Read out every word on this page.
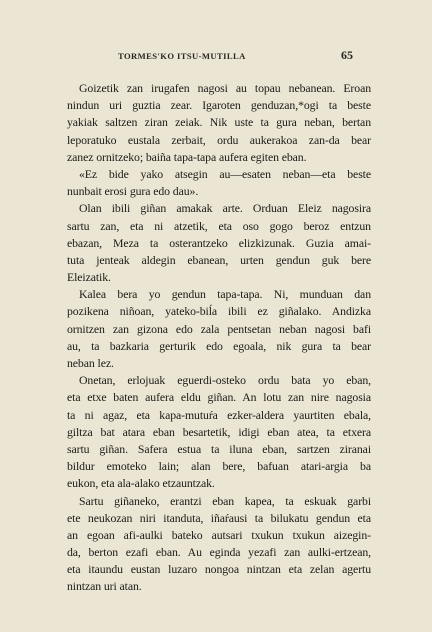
TORMES'KO ITSU-MUTILLA	65
Goizetik zan irugafen nagosi au topau nebanean. Eroan
nindun uri guztia zear. Igaroten genduzan,*ogi ta beste
yakiak saltzen ziran zeiak. Nik uste ta gura neban, bertan
leporatuko eustala zerbait, ordu aukerakoa zan-da bear
zanez ornitzeko; baiña tapa-tapa aufera egiten eban.
«Ez bide yako atsegin au—esaten neban—eta beste
nunbait erosi gura edo dau».
Olan ibili giñan amakak arte. Orduan Eleiz nagosira
sartu zan, eta ni atzetik, eta oso gogo beroz entzun
ebazan, Meza ta osterantzeko elizkizunak. Guzia amai-
tuta jenteak aldegin ebanean, urten gendun guk bere
Eleizatik.
Kalea bera yo gendun tapa-tapa. Ni, munduan dan
pozikena niñoan, yateko-biĺa ibili ez giñalako. Andizka
ornitzen zan gizona edo zala pentsetan neban nagosi bafi
au, ta bazkaria gerturik edo egoala, nik gura ta bear
neban lez.
Onetan, erlojuak eguerdi-osteko ordu bata yo eban,
eta etxe baten aufera eldu giñan. An lotu zan nire nagosia
ta ni agaz, eta kapa-mutuŕa ezker-aldera yaurtiten ebala,
giltza bat atara eban besartetik, idigi eban atea, ta etxera
sartu giñan. Safera estua ta iluna eban, sartzen ziranai
bildur emoteko lain; alan bere, bafuan atari-argia ba
eukon, eta ala-alako etzauntzak.
Sartu giñaneko, erantzi eban kapea, ta eskuak garbi
ete neukozan niri itanduta, iñaŕausi ta bilukatu gendun eta
an egoan afi-aulki bateko autsari txukun txukun aizegin-
da, berton ezafi eban. Au eginda yezafi zan aulki-ertzean,
eta itaundu eustan luzaro nongoa nintzan eta zelan agertu
nintzan uri atan.
